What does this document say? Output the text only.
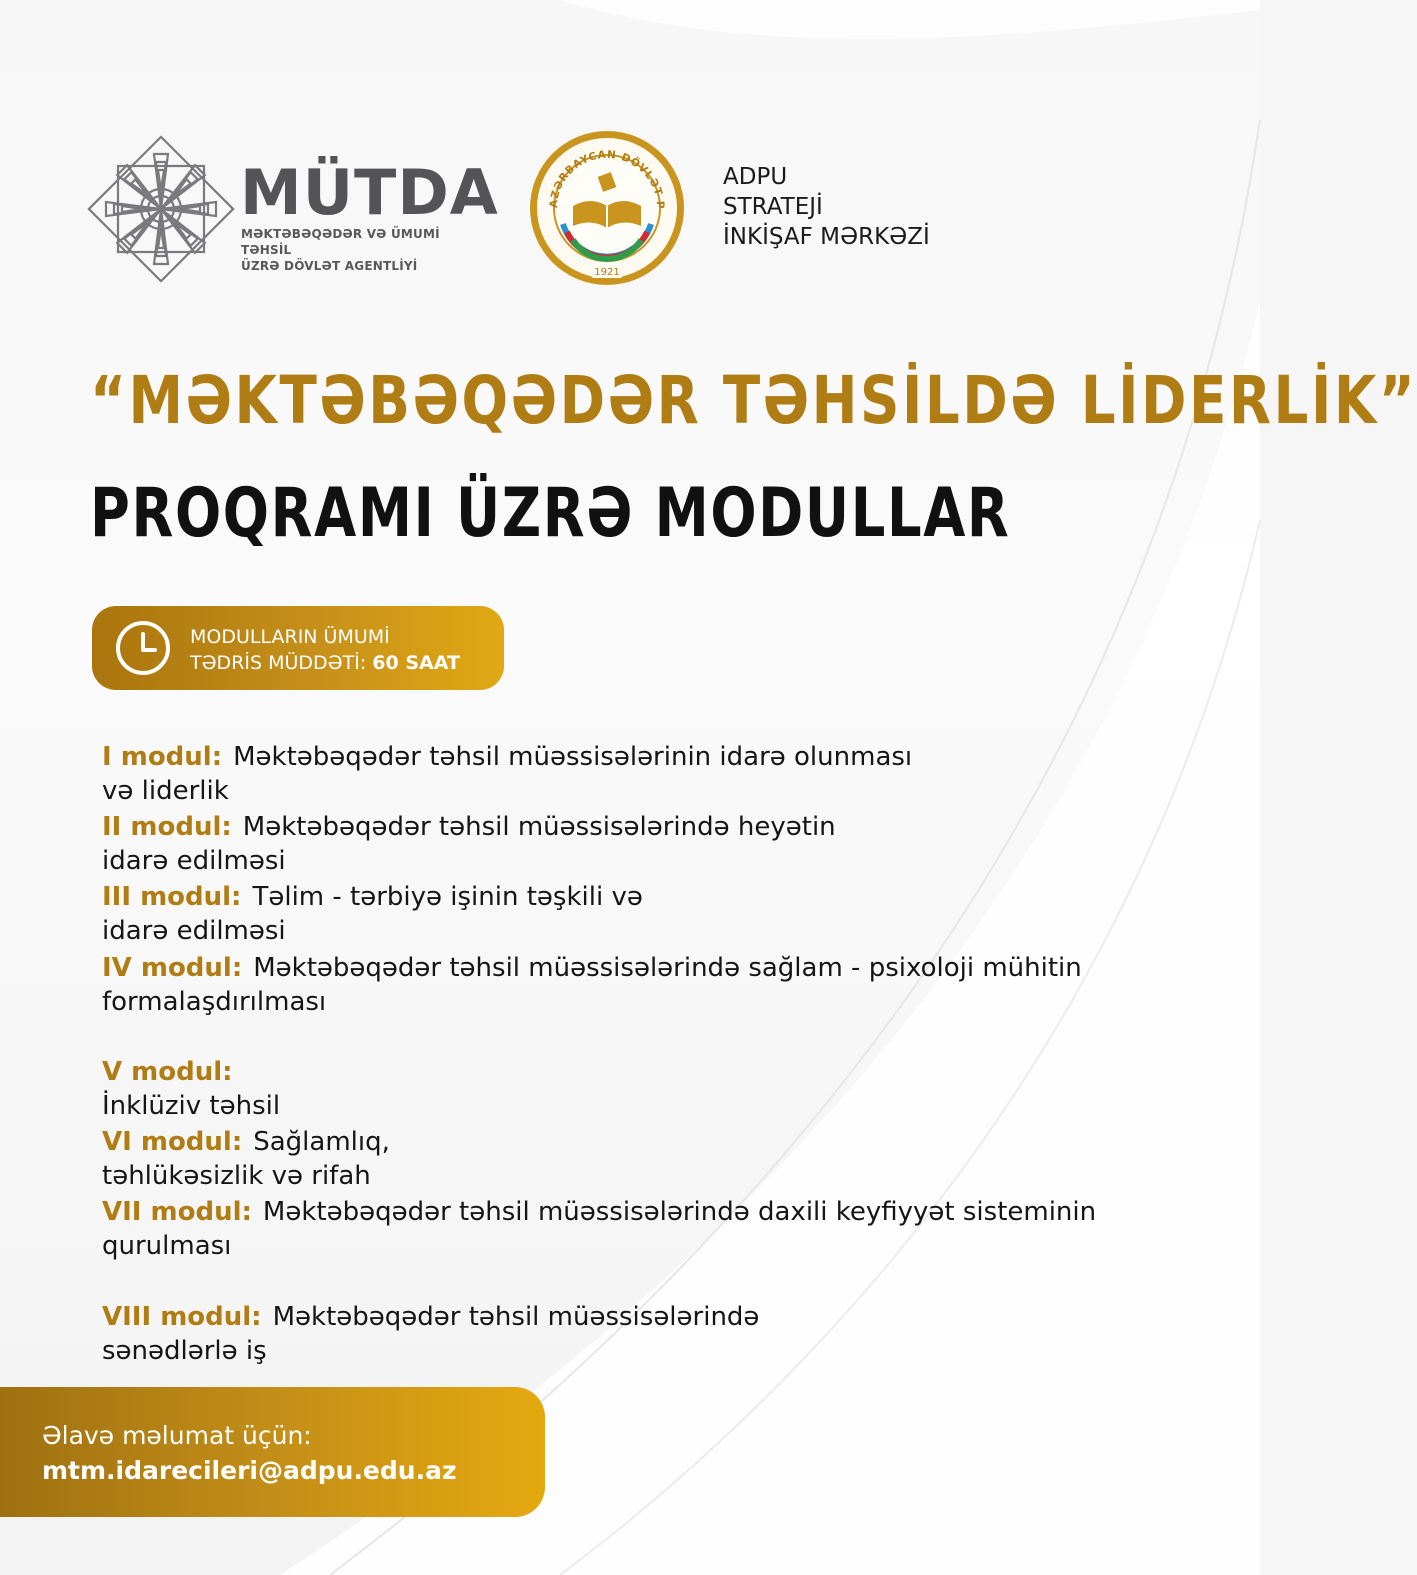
MÜTDA
MƏKTƏBƏQƏDƏR VƏ ÜMUMİ TƏHSİL
ÜZRƏ DÖVLƏT AGENTLİYİ
AZƏRBAYCAN DÖVLƏT P
1921
ADPU
STRATEJİ
İNKİŞAF MƏRKƏZİ
“MƏKTƏBƏQƏDƏR TƏHSİLDƏ LİDERLİK”
PROQRAMI ÜZRƏ MODULLAR
MODULLARIN ÜMUMİ
TƏDRİS MÜDDƏTİ: 60 SAAT
I modul: Məktəbəqədər təhsil müəssisələrinin idarə olunması və liderlik
II modul: Məktəbəqədər təhsil müəssisələrində heyətin idarə edilməsi
III modul: Təlim - tərbiyə işinin təşkili və idarə edilməsi
IV modul: Məktəbəqədər təhsil müəssisələrində sağlam - psixoloji mühitin formalaşdırılması
V modul:
İnklüziv təhsil
VI modul: Sağlamlıq, təhlükəsizlik və rifah
VII modul: Məktəbəqədər təhsil müəssisələrində daxili keyfiyyət sisteminin qurulması
VIII modul: Məktəbəqədər təhsil müəssisələrində sənədlərlə iş
Əlavə məlumat üçün:
mtm.idarecileri@adpu.edu.az
